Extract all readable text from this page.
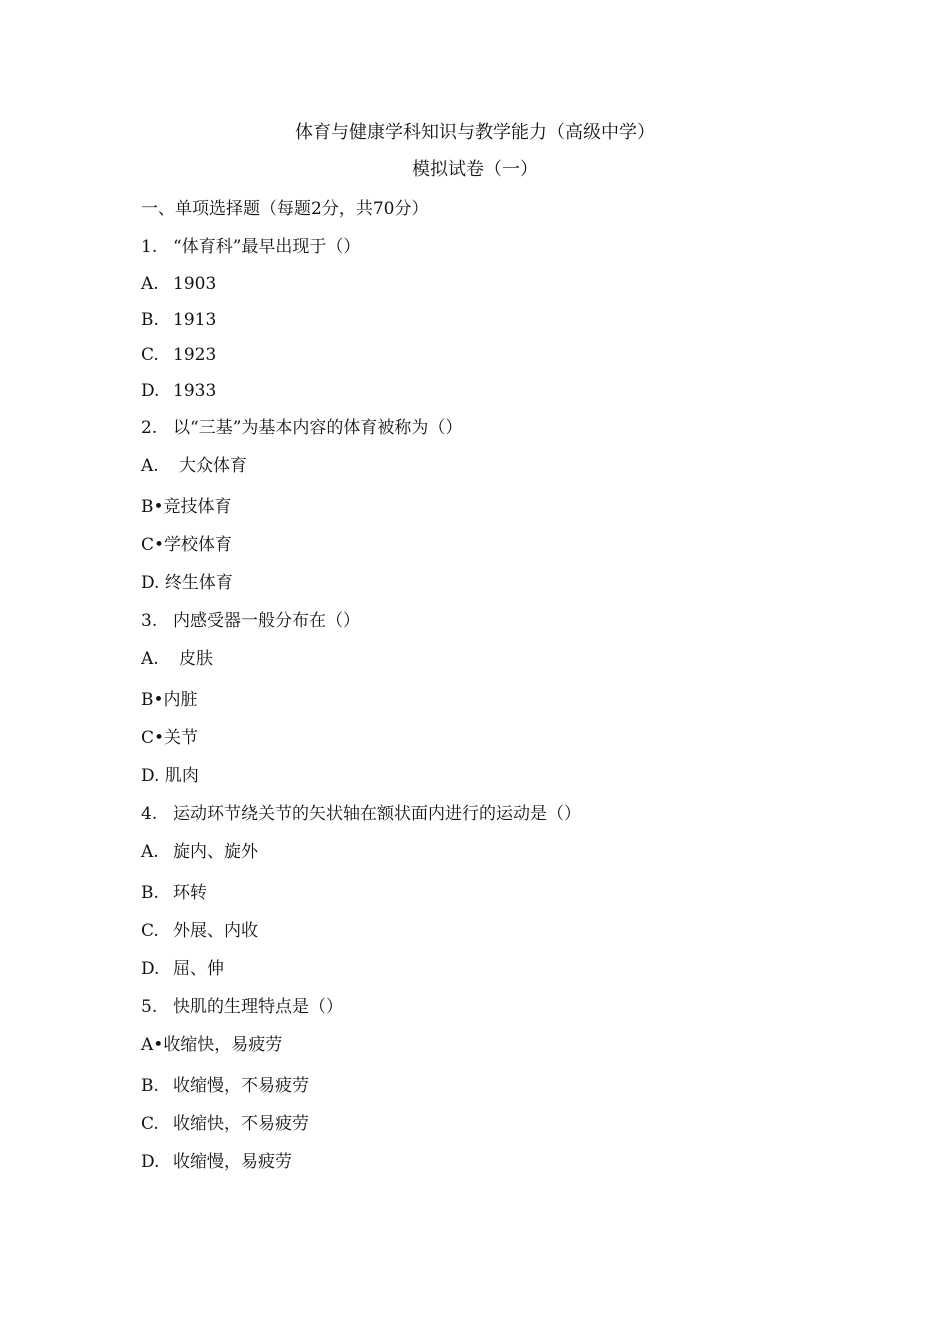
体育与健康学科知识与教学能力（高级中学）
模拟试卷（一）
一、单项选择题（每题2分，共70分）
1. “体育科”最早出现于（）
A. 1903
B. 1913
C. 1923
D. 1933
2. 以“三基”为基本内容的体育被称为（）
A. 大众体育
B•竞技体育
C•学校体育
D. 终生体育
3. 内感受器一般分布在（）
A. 皮肤
B•内脏
C•关节
D. 肌肉
4. 运动环节绕关节的矢状轴在额状面内进行的运动是（）
A. 旋内、旋外
B. 环转
C. 外展、内收
D. 屈、伸
5. 快肌的生理特点是（）
A•收缩快，易疲劳
B. 收缩慢，不易疲劳
C. 收缩快，不易疲劳
D. 收缩慢，易疲劳
